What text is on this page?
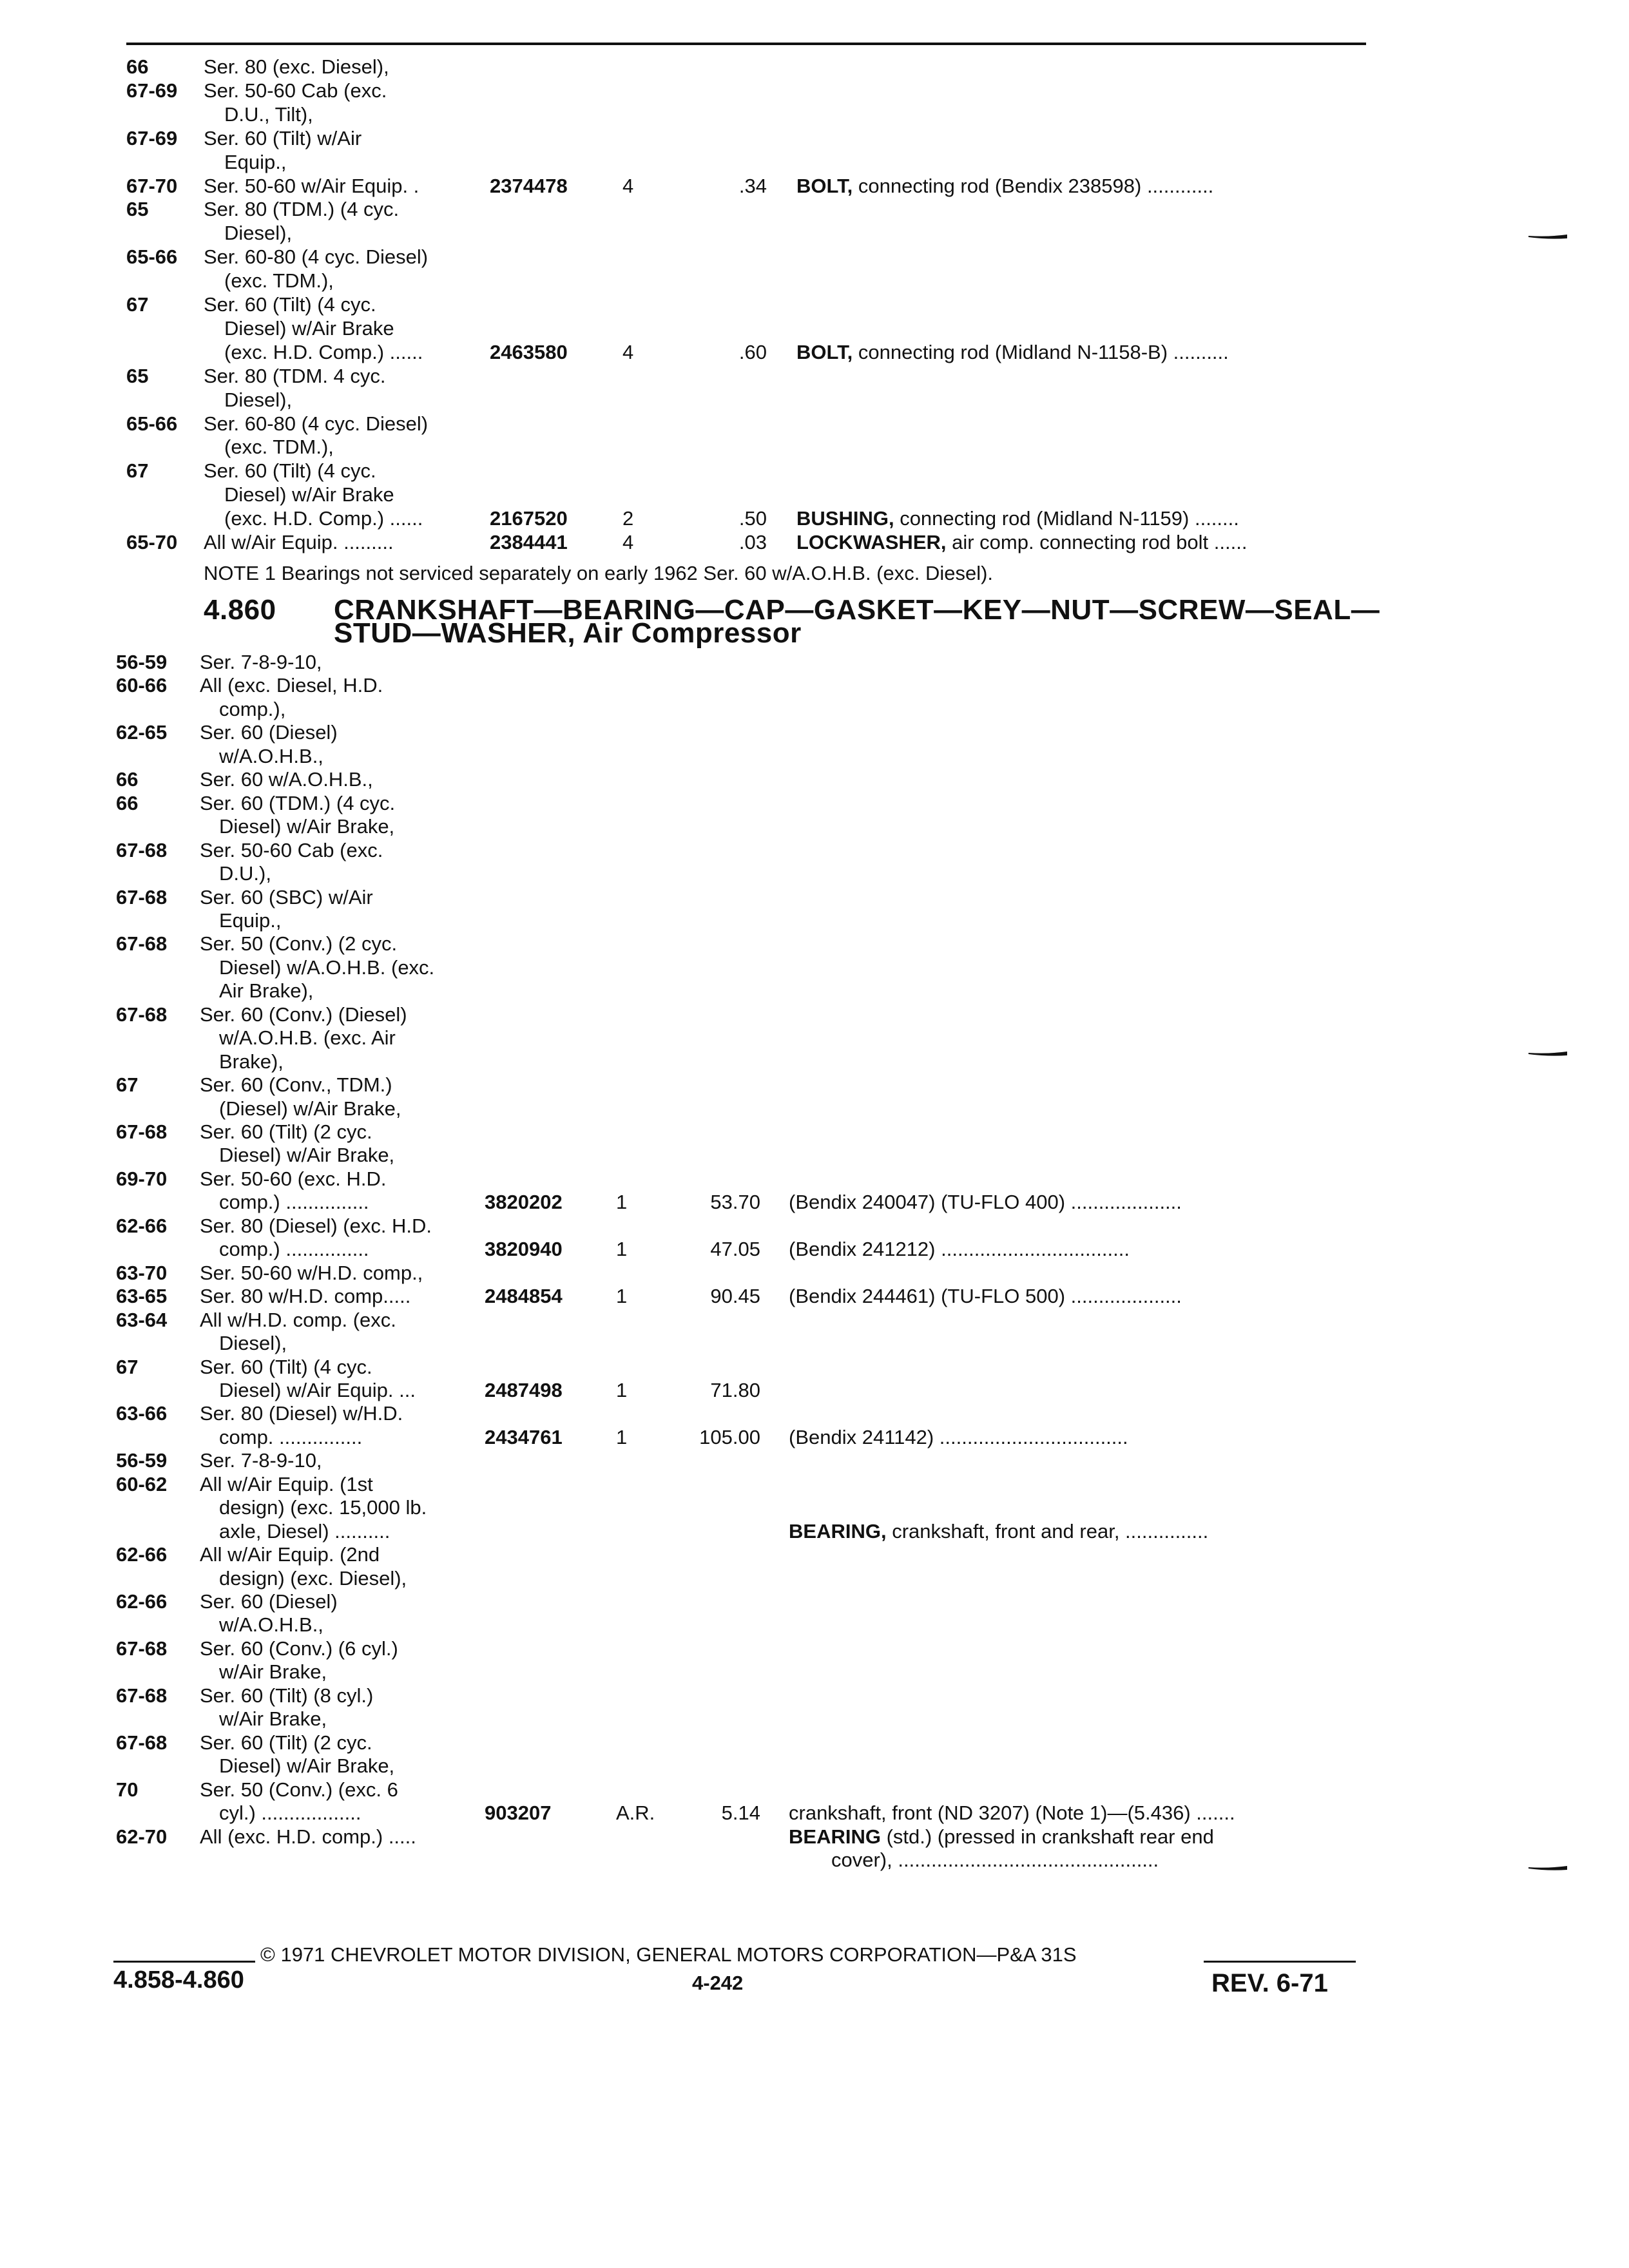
66	Ser. 80 (exc. Diesel),
67-69 Ser. 50-60 Cab (exc.
D.U., Tilt),
67-69 Ser. 60 (Tilt) w/Air
Equip.,
67-70 Ser. 50-60 w/Air Equip. .	2374478	4	.34 BOLT, connecting rod (Bendix 238598) ............
65	Ser. 80 (TDM.) (4 cyc.
Diesel),
65-66 Ser. 60-80 (4 cyc. Diesel)
(exc. TDM.),
67	Ser. 60 (Tilt) (4 cyc.
Diesel) w/Air Brake
(exc. H.D. Comp.) ......	2463580	4	.60 BOLT, connecting rod (Midland N-1158-B) ..........
65	Ser. 80 (TDM. 4 cyc.
Diesel),
65-66 Ser. 60-80 (4 cyc. Diesel)
(exc. TDM.),
67	Ser. 60 (Tilt) (4 cyc.
Diesel) w/Air Brake
(exc. H.D. Comp.) ......	2167520	2	.50 BUSHING, connecting rod (Midland N-1159) ........
65-70 All w/Air Equip. .........	2384441	4	.03 LOCKWASHER, air comp. connecting rod bolt ......
NOTE 1 Bearings not serviced separately on early 1962 Ser. 60 w/A.O.H.B. (exc. Diesel).
4.860 CRANKSHAFT—BEARING—CAP—GASKET—KEY—NUT—SCREW—SEAL—
STUD—WASHER, Air Compressor
56-59 Ser. 7-8-9-10,
60-66 All (exc. Diesel, H.D.
comp.),
62-65 Ser. 60 (Diesel)
w/A.O.H.B.,
66	Ser. 60 w/A.O.H.B.,
66	Ser. 60 (TDM.) (4 cyc.
Diesel) w/Air Brake,
67-68 Ser. 50-60 Cab (exc.
D.U.),
67-68 Ser. 60 (SBC) w/Air
Equip.,
67-68 Ser. 50 (Conv.) (2 cyc.
Diesel) w/A.O.H.B. (exc.
Air Brake),
67-68 Ser. 60 (Conv.) (Diesel)
w/A.O.H.B. (exc. Air
Brake),
67	Ser. 60 (Conv., TDM.)
(Diesel) w/Air Brake,
67-68 Ser. 60 (Tilt) (2 cyc.
Diesel) w/Air Brake,
69-70 Ser. 50-60 (exc. H.D.
comp.) ...............	3820202	1	53.70 (Bendix 240047) (TU-FLO 400) ....................
62-66 Ser. 80 (Diesel) (exc. H.D.
comp.) ...............	3820940	1	47.05 (Bendix 241212) ..................................
63-70 Ser. 50-60 w/H.D. comp.,
63-65 Ser. 80 w/H.D. comp.....	2484854	1	90.45 (Bendix 244461) (TU-FLO 500) ....................
63-64 All w/H.D. comp. (exc.
Diesel),
67	Ser. 60 (Tilt) (4 cyc.
Diesel) w/Air Equip. ...	2487498	1	71.80
63-66 Ser. 80 (Diesel) w/H.D.
comp. ...............	2434761	1	105.00 (Bendix 241142) ..................................
56-59 Ser. 7-8-9-10,
60-62 All w/Air Equip. (1st
design) (exc. 15,000 lb.
axle, Diesel) ..........	BEARING, crankshaft, front and rear, ...............
62-66 All w/Air Equip. (2nd
design) (exc. Diesel),
62-66 Ser. 60 (Diesel)
w/A.O.H.B.,
67-68 Ser. 60 (Conv.) (6 cyl.)
w/Air Brake,
67-68 Ser. 60 (Tilt) (8 cyl.)
w/Air Brake,
67-68 Ser. 60 (Tilt) (2 cyc.
Diesel) w/Air Brake,
70	Ser. 50 (Conv.) (exc. 6
cyl.) ..................	903207	A.R.	5.14 crankshaft, front (ND 3207) (Note 1)—(5.436) .......
62-70 All (exc. H.D. comp.) .....	BEARING (std.) (pressed in crankshaft rear end
cover), ...............................................
© 1971 CHEVROLET MOTOR DIVISION, GENERAL MOTORS CORPORATION—P&A 31S
4.858-4.860	4-242	REV. 6-71
